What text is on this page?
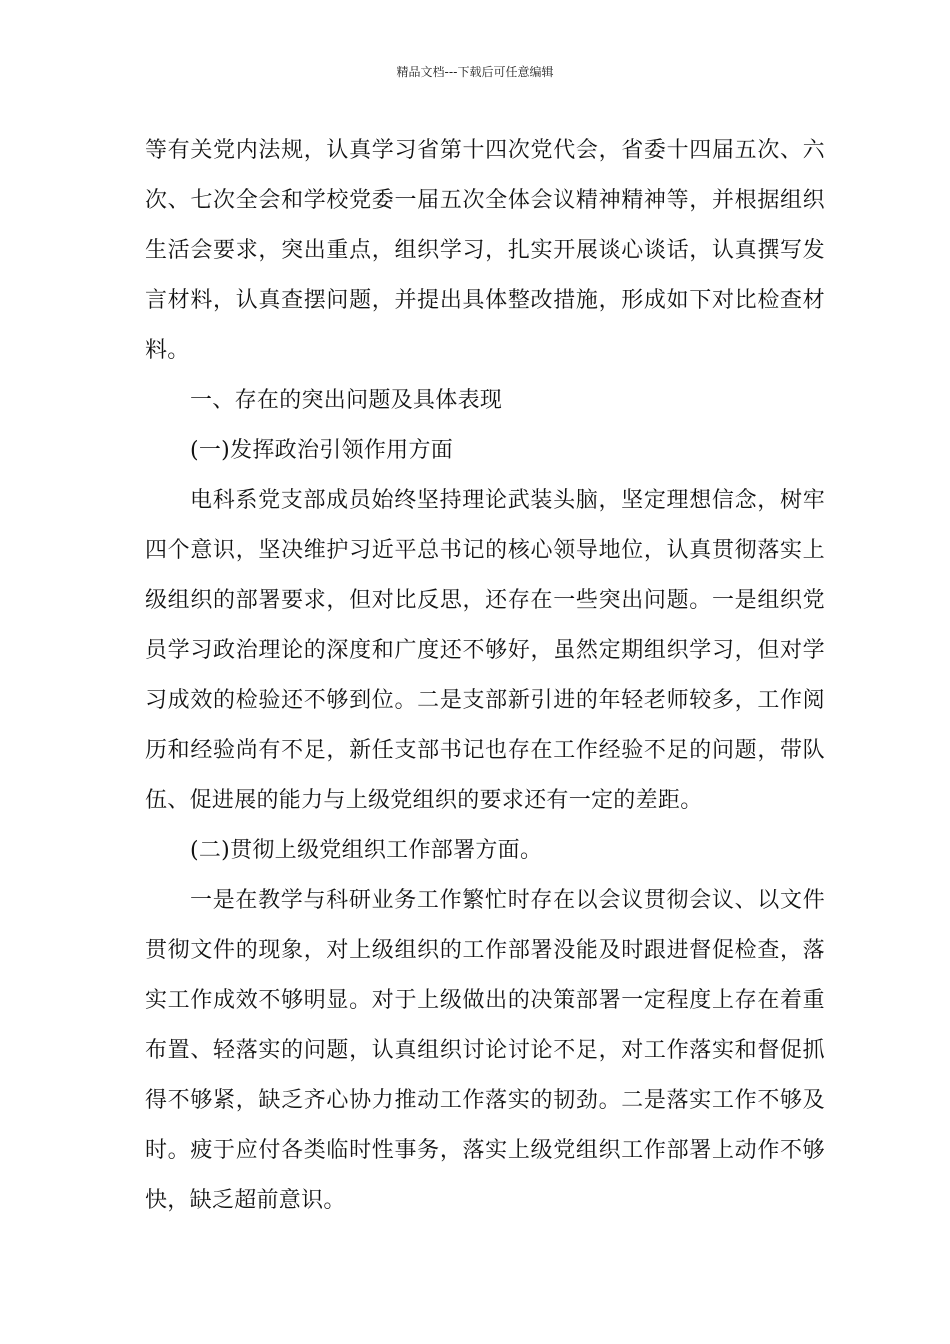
精品文档---下载后可任意编辑

等有关党内法规，认真学习省第十四次党代会，省委十四届五次、六次、七次全会和学校党委一届五次全体会议精神精神等，并根据组织生活会要求，突出重点，组织学习，扎实开展谈心谈话，认真撰写发言材料，认真查摆问题，并提出具体整改措施，形成如下对比检查材料。

一、存在的突出问题及具体表现

(一)发挥政治引领作用方面

电科系党支部成员始终坚持理论武装头脑，坚定理想信念，树牢四个意识，坚决维护习近平总书记的核心领导地位，认真贯彻落实上级组织的部署要求，但对比反思，还存在一些突出问题。一是组织党员学习政治理论的深度和广度还不够好，虽然定期组织学习，但对学习成效的检验还不够到位。二是支部新引进的年轻老师较多，工作阅历和经验尚有不足，新任支部书记也存在工作经验不足的问题，带队伍、促进展的能力与上级党组织的要求还有一定的差距。

(二)贯彻上级党组织工作部署方面。

一是在教学与科研业务工作繁忙时存在以会议贯彻会议、以文件贯彻文件的现象，对上级组织的工作部署没能及时跟进督促检查，落实工作成效不够明显。对于上级做出的决策部署一定程度上存在着重布置、轻落实的问题，认真组织讨论讨论不足，对工作落实和督促抓得不够紧，缺乏齐心协力推动工作落实的韧劲。二是落实工作不够及时。疲于应付各类临时性事务，落实上级党组织工作部署上动作不够快，缺乏超前意识。
